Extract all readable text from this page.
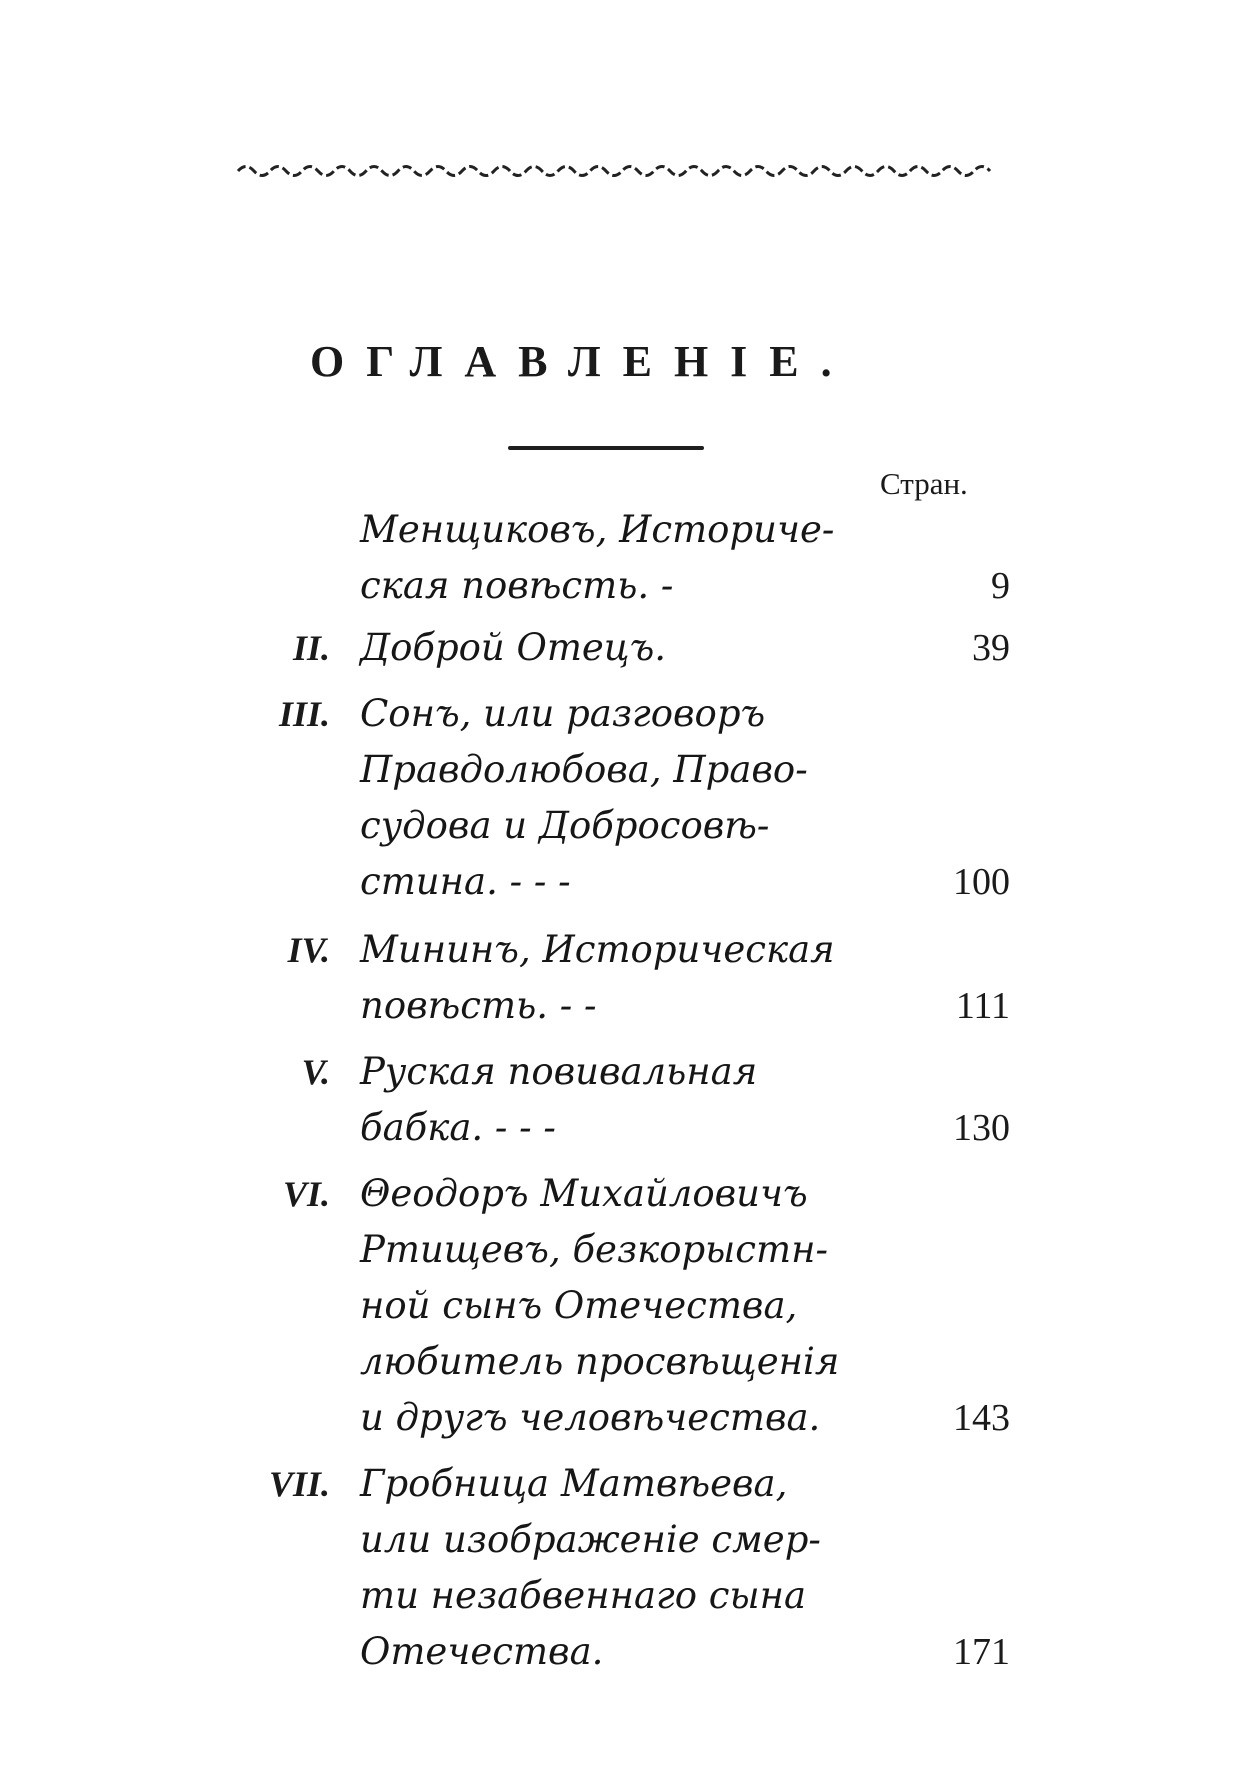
ОГЛАВЛЕНIЕ.
Стран.
Менщиковъ, Историче-
ская повѣсть. -	9
II. Доброй Отецъ.	39
III. Сонъ, или разговоръ
Правдолюбова, Право-
судова и Добросовѣ-
стина. - - -	100
IV. Мининъ, Историческая
повѣсть. - -	111
V. Руская повивальная
бабка. - - -	130
VI. Θеодоръ Михайловичъ
Ртищевъ, безкорыстн-
ной сынъ Отечества,
любитель просвѣщенія
и другъ человѣчества.	143
VII. Гробница Матвѣева,
или изображеніе смер-
ти незабвеннаго сына
Отечества.	171
